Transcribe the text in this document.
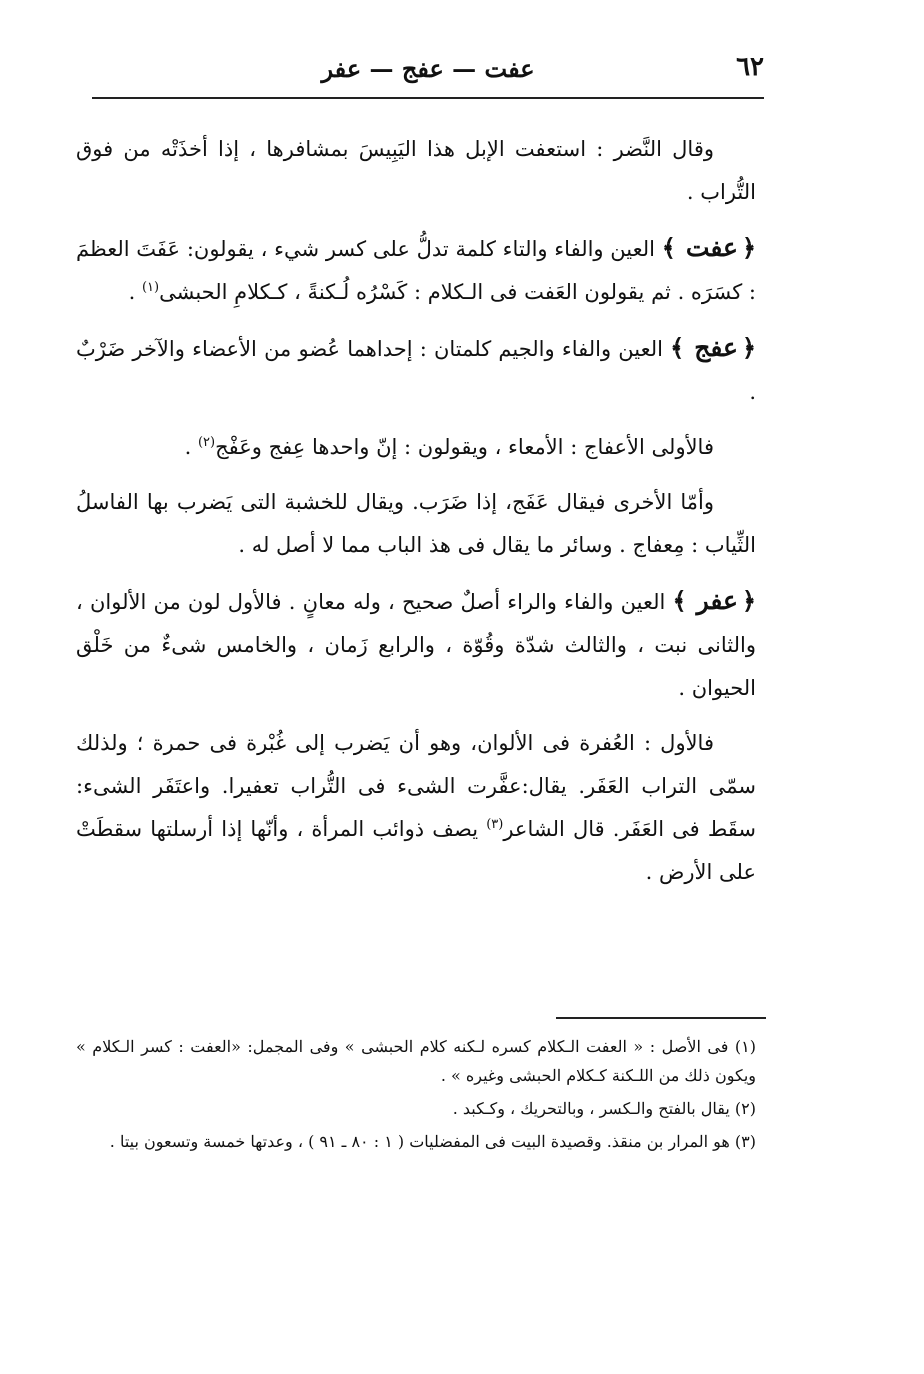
٦٢
عفت — عفج — عفر

وقال النَّضر : استعفت الإبل هذا اليَبِيسَ بمشافرها ، إذا أخذَتْه من فوق التُّراب .

﴿عفت﴾ العين والفاء والتاء كلمة تدلُّ على كسر شيء ، يقولون: عَفَتَ العظمَ : كسَرَه . ثم يقولون العَفت فى الـكلام : كَسْرُه لُـكنةً ، كـكلامِ الحبشى$^{(١)}$ .

﴿عفج﴾ العين والفاء والجيم كلمتان : إحداهما عُضو من الأعضاء والآخر ضَرْبٌ .

فالأولى الأعفاج : الأمعاء ، ويقولون : إنّ واحدها عِفج وعَفْج$^{(٢)}$ .

وأمّا الأخرى فيقال عَفَج، إذا ضَرَب. ويقال للخشبة التى يَضرب بها الفاسلُ الثِّياب : مِعفاج . وسائر ما يقال فى هذ الباب مما لا أصل له .

﴿عفر﴾ العين والفاء والراء أصلٌ صحيح ، وله معانٍ . فالأول لون من الألوان ، والثانى نبت ، والثالث شدّة وقُوّة ، والرابع زَمان ، والخامس شىءٌ من خَلْق الحيوان .

فالأول : العُفرة فى الألوان، وهو أن يَضرب إلى غُبْرة فى حمرة ؛ ولذلك سمّى التراب العَفَر. يقال:عفَّرت الشىء فى التُّراب تعفيرا. واعتَفَر الشىء: سقَط فى العَفَر. قال الشاعر$^{(٣)}$ يصف ذوائب المرأة ، وأنّها إذا أرسلتها سقطَتْ على الأرض .

(١) فى الأصل : « العفت الـكلام كسره لـكنه كلام الحبشى » وفى المجمل: «العفت : كسر الـكلام » ويكون ذلك من اللـكنة كـكلام الحبشى وغيره » .

(٢) يقال بالفتح والـكسر ، وبالتحريك ، وكـكبد .

(٣) هو المرار بن منقذ. وقصيدة البيت فى المفضليات ( ١ : ٨٠ ـ ٩١ ) ، وعدتها خمسة وتسعون بيتا .
